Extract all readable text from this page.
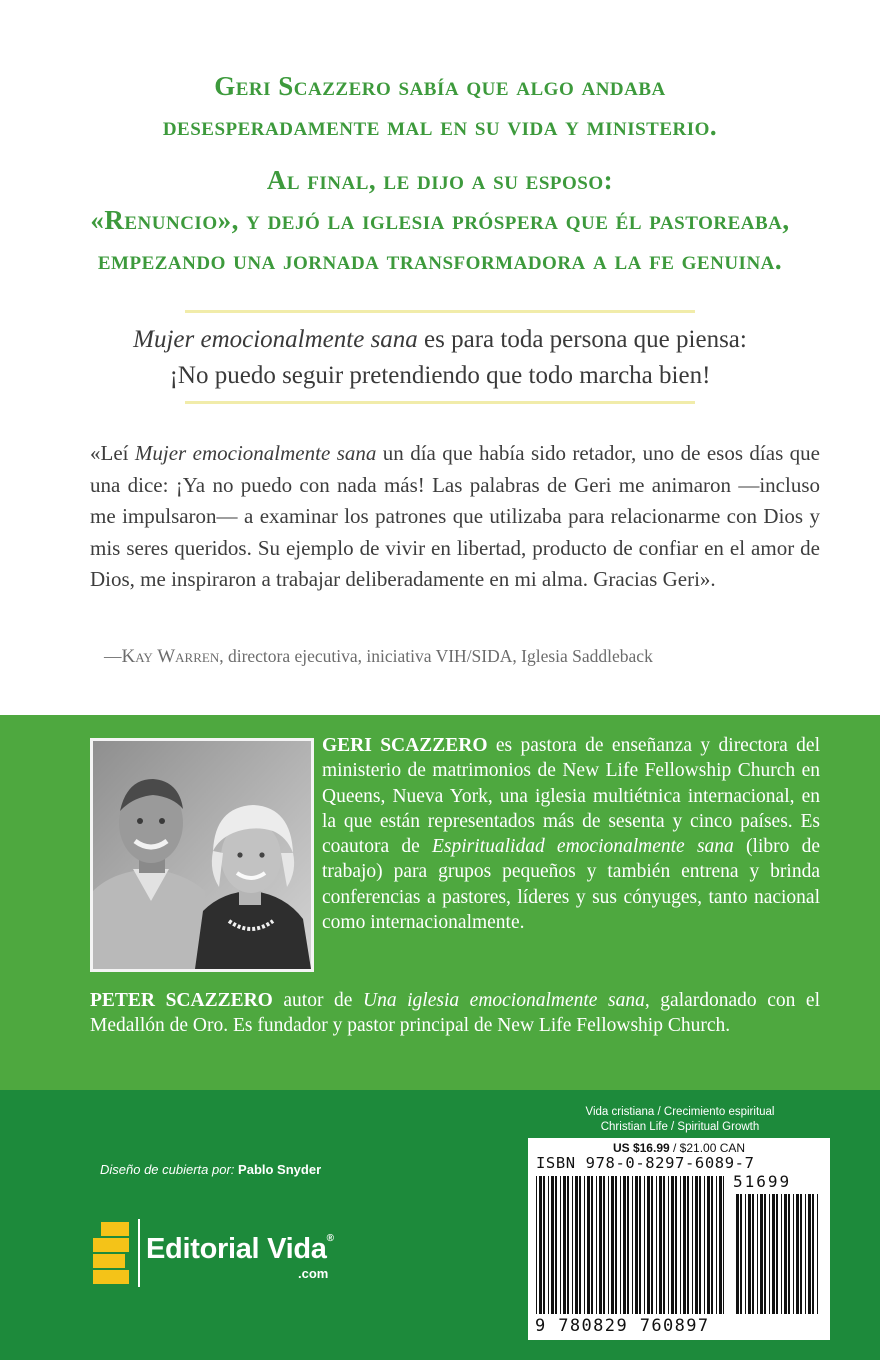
Geri Scazzero sabía que algo andaba

desesperadamente mal en su vida y ministerio.

Al final, le dijo a su esposo:

«Renuncio», y dejó la iglesia próspera que él pastoreaba,

empezando una jornada transformadora a la fe genuina.

Mujer emocionalmente sana es para toda persona que piensa:

¡No puedo seguir pretendiendo que todo marcha bien!

«Leí Mujer emocionalmente sana un día que había sido retador, uno de esos días que una dice: ¡Ya no puedo con nada más! Las palabras de Geri me animaron —incluso me impulsaron— a examinar los patrones que utilizaba para relacionarme con Dios y mis seres queridos. Su ejemplo de vivir en libertad, producto de confiar en el amor de Dios, me inspiraron a trabajar deliberadamente en mi alma. Gracias Geri».
—Kay Warren, directora ejecutiva, iniciativa VIH/SIDA, Iglesia Saddleback
GERI SCAZZERO es pastora de enseñanza y directora del ministerio de matrimonios de New Life Fellowship Church en Queens, Nueva York, una iglesia multiétnica internacional, en la que están representados más de sesenta y cinco países. Es coautora de Espiritualidad emocionalmente sana (libro de trabajo) para grupos pequeños y también entrena y brinda conferencias a pastores, líderes y sus cónyuges, tanto nacional como internacionalmente.
PETER SCAZZERO autor de Una iglesia emocionalmente sana, galardonado con el Medallón de Oro. Es fundador y pastor principal de New Life Fellowship Church.
Diseño de cubierta por: Pablo Snyder
Editorial Vida®
.com

Vida cristiana / Crecimiento espiritual

Christian Life / Spiritual Growth

US $16.99 / $21.00 CAN
ISBN 978-0-8297-6089-7
51699
9 780829 760897
